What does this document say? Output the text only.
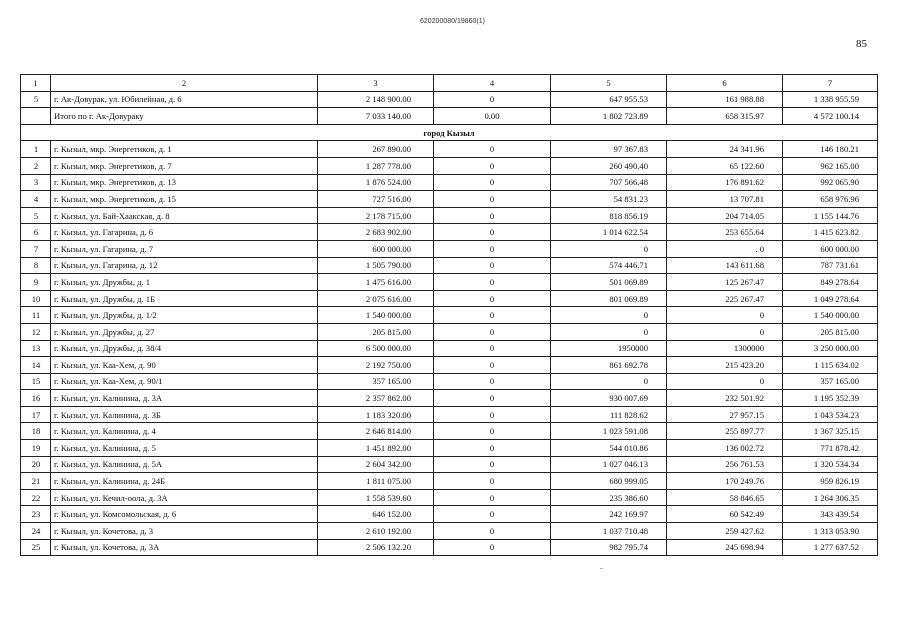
620200080/19860(1)
85
1	2	3	4	5	6	7
5	г. Ак-Довурак, ул. Юбилейная, д. 6	2 148 900.00	0	647 955.53	161 988.88	1 338 955.59
	Итого по г. Ак-Довураку	7 033 140.00	0.00	1 802 723.89	658 315.97	4 572 100.14
город Кызыл						
1	г. Кызыл, мкр. Энергетиков, д. 1	267 890.00	0	97 367.83	24 341.96	146 180.21
2	г. Кызыл, мкр. Энергетиков, д. 7	1 287 778.00	0	260 490.40	65 122.60	962 165.00
3	г. Кызыл, мкр. Энергетиков, д. 13	1 876 524.00	0	707 566.48	176 891.62	992 065.90
4	г. Кызыл, мкр. Энергетиков, д. 15	727 516.00	0	54 831.23	13 707.81	658 976.96
5	г. Кызыл, ул. Бай-Хаакская, д. 8	2 178 715.00	0	818 856.19	204 714.05	1 155 144.76
6	г. Кызыл, ул. Гагарина, д. 6	2 683 902.00	0	1 014 622.54	253 655.64	1 415 623.82
7	г. Кызыл, ул. Гагарина, д. 7	600 000.00	0	0	. 0	600 000.00
8	г. Кызыл, ул. Гагарина, д. 12	1 505 790.00	0	574 446.71	143 611.68	787 731.61
9	г. Кызыл, ул. Дружбы, д. 1	1 475 616.00	0	501 069.89	125 267.47	849 278.64
10	г. Кызыл, ул. Дружбы, д. 1Б	2 075 616.00	0	801 069.89	225 267.47	1 049 278.64
11	г. Кызыл, ул. Дружбы, д. 1/2	1 540 000.00	0	0	0	1 540 000.00
12	г. Кызыл, ул. Дружбы, д. 27	205 815.00	0	0	0	205 815.00
13	г. Кызыл, ул. Дружбы, д. 38/4	6 500 000.00	0	1950000	1300000	3 250 000.00
14	г. Кызыл, ул. Каа-Хем, д. 90	2 192 750.00	0	861 692.78	215 423.20	1 115 634.02
15	г. Кызыл, ул. Каа-Хем, д. 90/1	357 165.00	0	0	0	357 165.00
16	г. Кызыл, ул. Калинина, д. 3А	2 357 862.00	0	930 007.69	232 501.92	1 195 352.39
17	г. Кызыл, ул. Калинина, д. 3Б	1 183 320.00	0	111 828.62	27 957.15	1 043 534.23
18	г. Кызыл, ул. Калинина, д. 4	2 646 814.00	0	1 023 591.08	255 897.77	1 367 325.15
19	г. Кызыл, ул. Калинина, д. 5	1 451 892.00	0	544 010.86	136 002.72	771 878.42
20	г. Кызыл, ул. Калинина, д. 5А	2 604 342.00	0	1 027 046.13	256 761.53	1 320 534.34
21	г. Кызыл, ул. Калинина, д. 24Б	1 811 075.00	0	680 999.05	170 249.76	959 826.19
22	г. Кызыл, ул. Кечил-оола, д. 3А	1 558 539.60	0	235 386.60	58 846.65	1 264 306.35
23	г. Кызыл, ул. Комсомольская, д. 6	646 152.00	0	242 169.97	60 542.49	343 439.54
24	г. Кызыл, ул. Кочетова, д. 3	2 610 192.00	0	1 037 710.48	259 427.62	1 313 053.90
25	г. Кызыл, ул. Кочетова, д. 3А	2 506 132.20	0	982 795.74	245 698.94	1 277 637.52
